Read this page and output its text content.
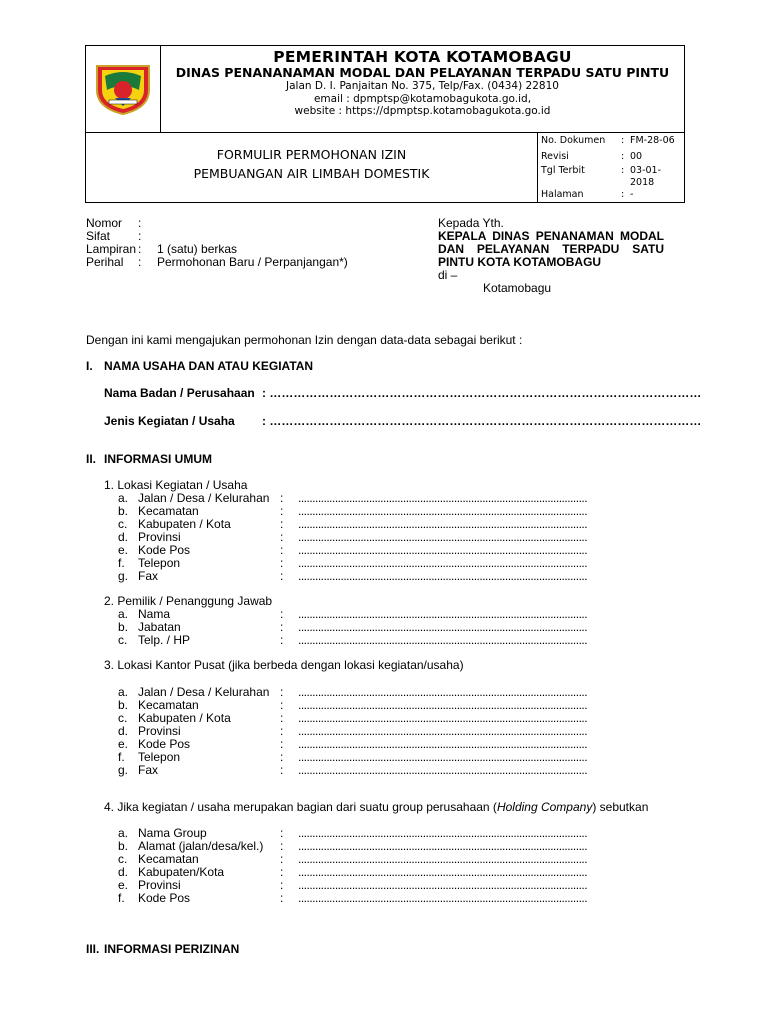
PEMERINTAH KOTA KOTAMOBAGU
DINAS PENANANAMAN MODAL DAN PELAYANAN TERPADU SATU PINTU
Jalan D. I. Panjaitan No. 375, Telp/Fax. (0434) 22810
email : dpmptsp@kotamobagukota.go.id,
website : https://dpmptsp.kotamobagukota.go.id
FORMULIR PERMOHONAN IZIN
PEMBUANGAN AIR LIMBAH DOMESTIK
No. Dokumen	: FM-28-06
Revisi	: 00
Tgl Terbit	: 03-01-2018
Halaman	: -
Nomor :
Sifat :
Lampiran : 1 (satu) berkas
Perihal : Permohonan Baru / Perpanjangan*)
Kepada Yth.
KEPALA DINAS PENANAMAN MODAL
DAN PELAYANAN TERPADU SATU
PINTU KOTA KOTAMOBAGU
di –
Kotamobagu
Dengan ini kami mengajukan permohonan Izin dengan data-data sebagai berikut :
I. NAMA USAHA DAN ATAU KEGIATAN
Nama Badan / Perusahaan : ………………………………………………………………………………………………
Jenis Kegiatan / Usaha : ………………………………………………………………………………………………
II. INFORMASI UMUM
1. Lokasi Kegiatan / Usaha
a. Jalan / Desa / Kelurahan : ......................................................................................................
b. Kecamatan	: ......................................................................................................
c. Kabupaten / Kota	: ......................................................................................................
d. Provinsi	: ......................................................................................................
e. Kode Pos	: ......................................................................................................
f.	Telepon	: ......................................................................................................
g. Fax	: ......................................................................................................
2. Pemilik / Penanggung Jawab
a. Nama	: ......................................................................................................
b. Jabatan	: ......................................................................................................
c. Telp. / HP	: ......................................................................................................
3. Lokasi Kantor Pusat (jika berbeda dengan lokasi kegiatan/usaha)
a. Jalan / Desa / Kelurahan : ......................................................................................................
b. Kecamatan	: ......................................................................................................
c. Kabupaten / Kota	: ......................................................................................................
d. Provinsi	: ......................................................................................................
e. Kode Pos	: ......................................................................................................
f.	Telepon	: ......................................................................................................
g. Fax	: ......................................................................................................
4. Jika kegiatan / usaha merupakan bagian dari suatu group perusahaan (Holding Company) sebutkan
a. Nama Group	: ......................................................................................................
b. Alamat (jalan/desa/kel.) : ......................................................................................................
c. Kecamatan	: ......................................................................................................
d. Kabupaten/Kota	: ......................................................................................................
e. Provinsi	: ......................................................................................................
f.	Kode Pos	: ......................................................................................................
III. INFORMASI PERIZINAN
